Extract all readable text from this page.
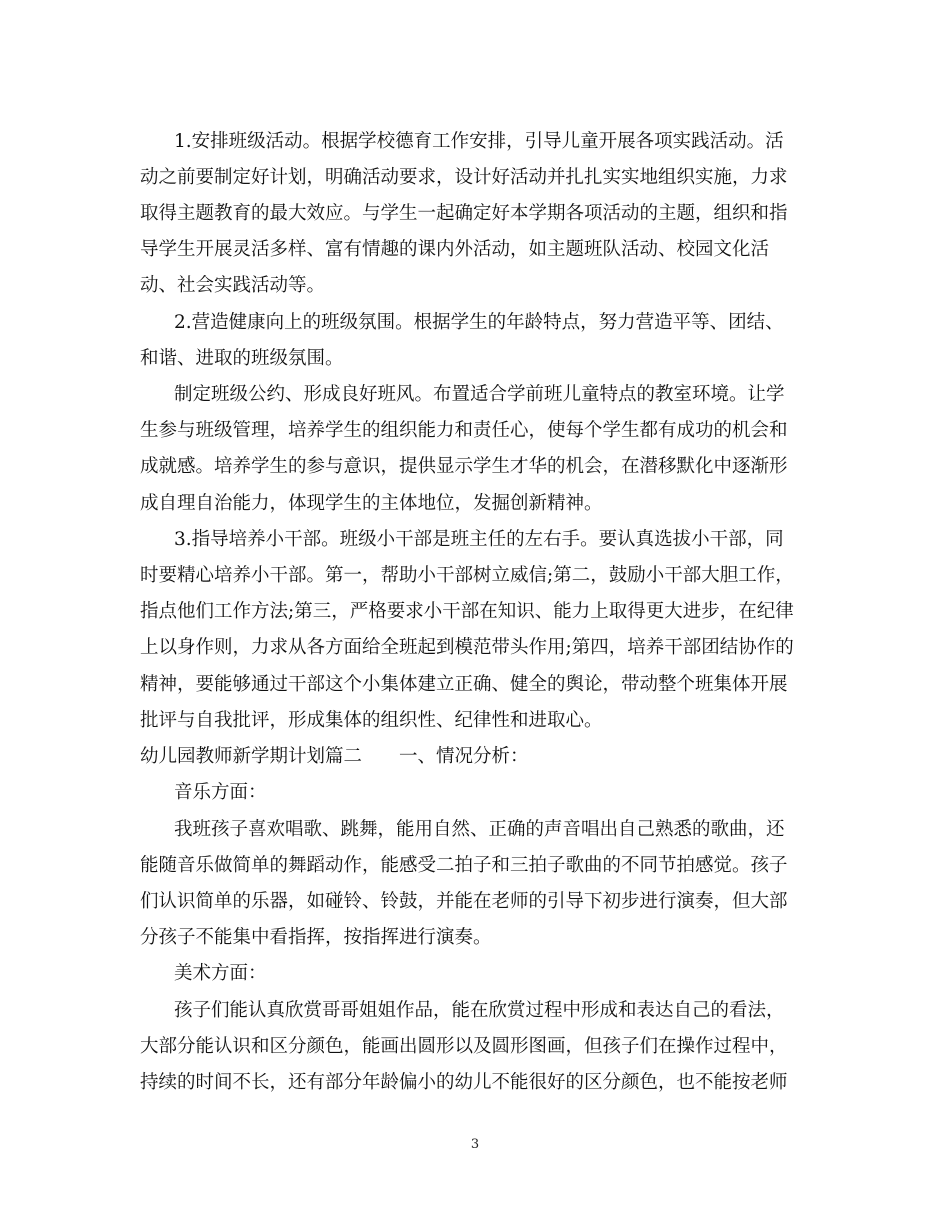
1.安排班级活动。根据学校德育工作安排，引导儿童开展各项实践活动。活
动之前要制定好计划，明确活动要求，设计好活动并扎扎实实地组织实施，力求
取得主题教育的最大效应。与学生一起确定好本学期各项活动的主题，组织和指
导学生开展灵活多样、富有情趣的课内外活动，如主题班队活动、校园文化活
动、社会实践活动等。
2.营造健康向上的班级氛围。根据学生的年龄特点，努力营造平等、团结、
和谐、进取的班级氛围。
制定班级公约、形成良好班风。布置适合学前班儿童特点的教室环境。让学
生参与班级管理，培养学生的组织能力和责任心，使每个学生都有成功的机会和
成就感。培养学生的参与意识，提供显示学生才华的机会，在潜移默化中逐渐形
成自理自治能力，体现学生的主体地位，发掘创新精神。
3.指导培养小干部。班级小干部是班主任的左右手。要认真选拔小干部，同
时要精心培养小干部。第一，帮助小干部树立威信;第二，鼓励小干部大胆工作，
指点他们工作方法;第三，严格要求小干部在知识、能力上取得更大进步，在纪律
上以身作则，力求从各方面给全班起到模范带头作用;第四，培养干部团结协作的
精神，要能够通过干部这个小集体建立正确、健全的舆论，带动整个班集体开展
批评与自我批评，形成集体的组织性、纪律性和进取心。
幼儿园教师新学期计划篇二　　一、情况分析：
音乐方面：
我班孩子喜欢唱歌、跳舞，能用自然、正确的声音唱出自己熟悉的歌曲，还
能随音乐做简单的舞蹈动作，能感受二拍子和三拍子歌曲的不同节拍感觉。孩子
们认识简单的乐器，如碰铃、铃鼓，并能在老师的引导下初步进行演奏，但大部
分孩子不能集中看指挥，按指挥进行演奏。
美术方面：
孩子们能认真欣赏哥哥姐姐作品，能在欣赏过程中形成和表达自己的看法，
大部分能认识和区分颜色，能画出圆形以及圆形图画，但孩子们在操作过程中，
持续的时间不长，还有部分年龄偏小的幼儿不能很好的区分颜色，也不能按老师
3
